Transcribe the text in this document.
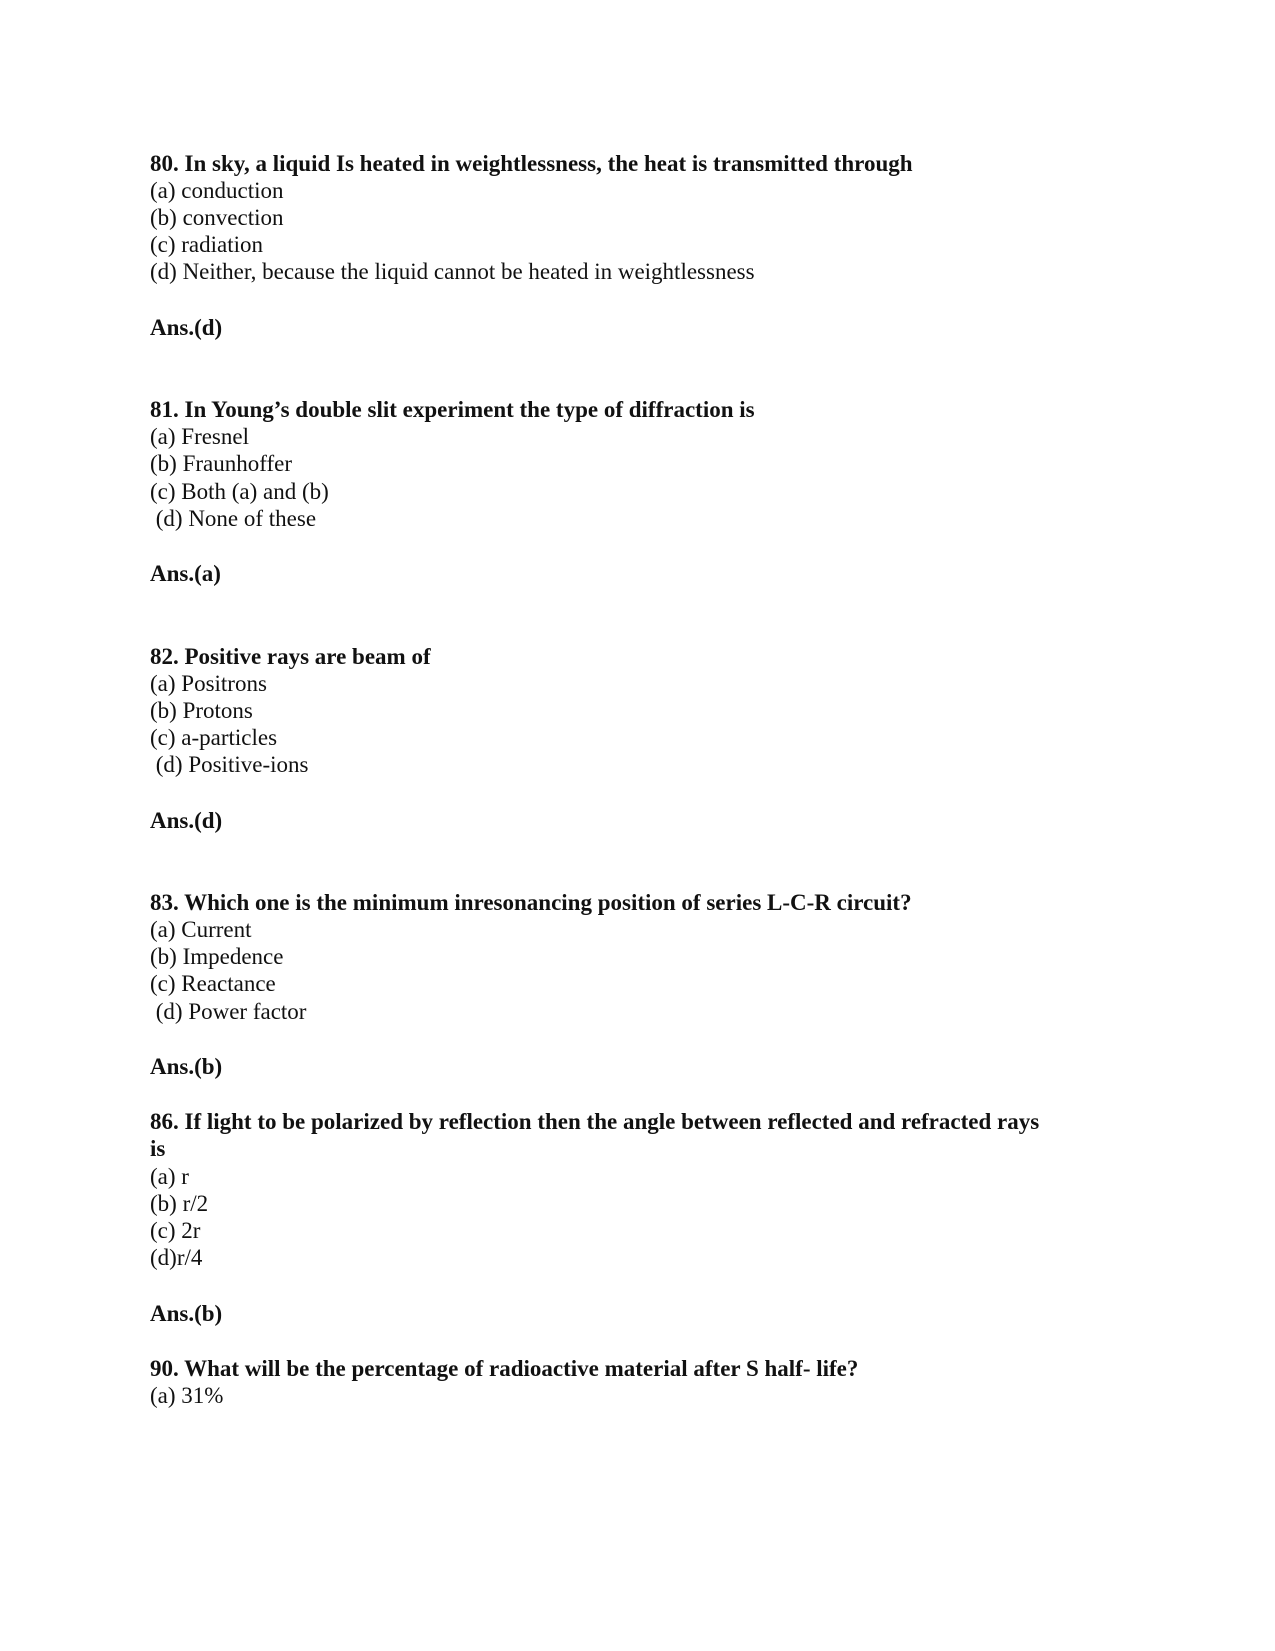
80. In sky, a liquid Is heated in weightlessness, the heat is transmitted through
(a) conduction
(b) convection
(c) radiation
(d) Neither, because the liquid cannot be heated in weightlessness
Ans.(d)
81. In Young’s double slit experiment the type of diffraction is
(a) Fresnel
(b) Fraunhoffer
(c) Both (a) and (b)
(d) None of these
Ans.(a)
82. Positive rays are beam of
(a) Positrons
(b) Protons
(c) a-particles
(d) Positive-ions
Ans.(d)
83. Which one is the minimum inresonancing position of series L-C-R circuit?
(a) Current
(b) Impedence
(c) Reactance
(d) Power factor
Ans.(b)
86. If light to be polarized by reflection then the angle between reflected and refracted rays
is
(a) r
(b) r/2
(c) 2r
(d)r/4
Ans.(b)
90. What will be the percentage of radioactive material after S half- life?
(a) 31%
